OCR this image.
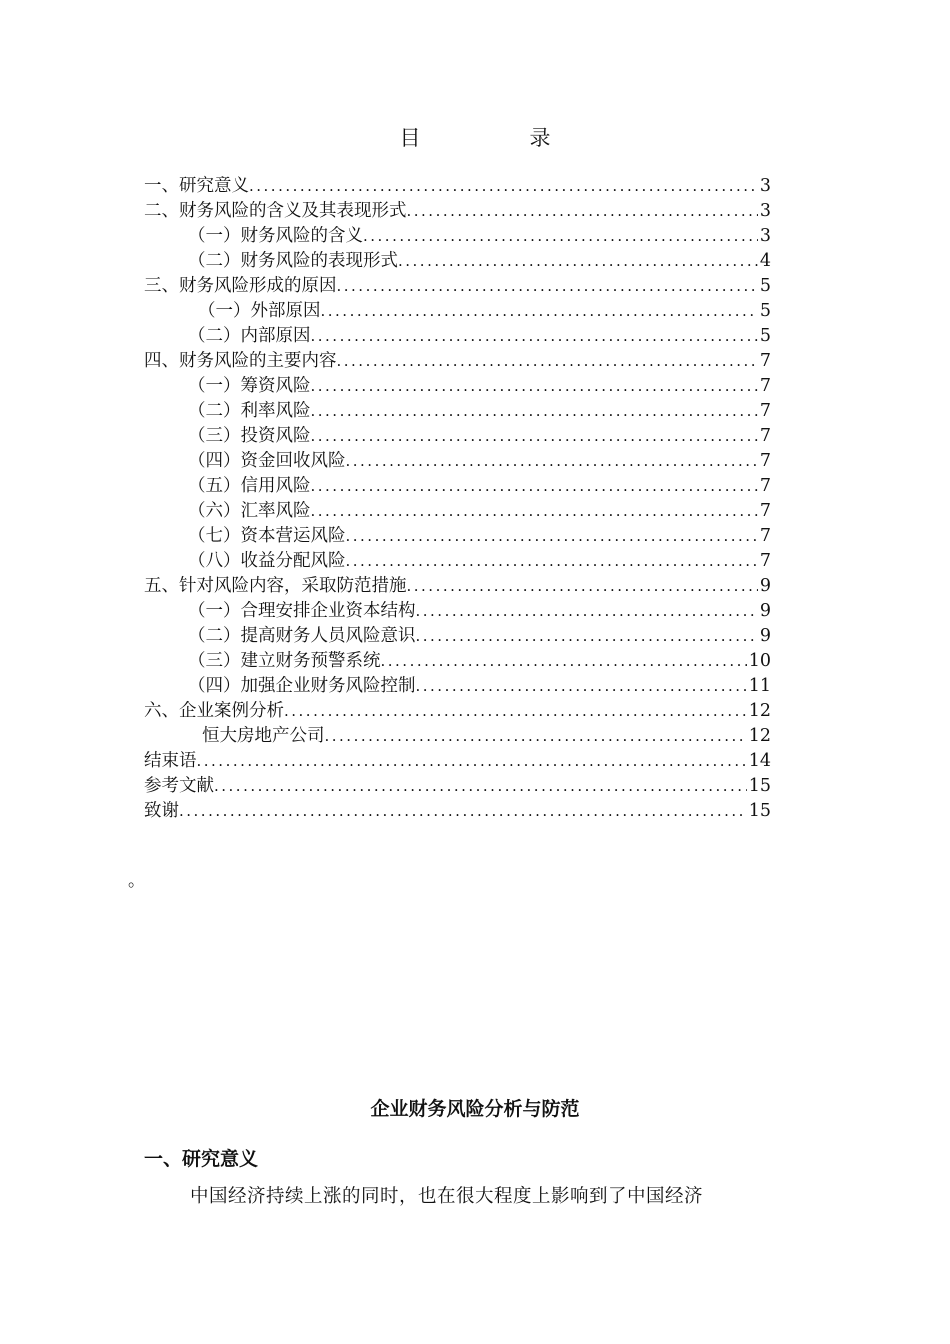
目　录
一、研究意义 .....	3
二、财务风险的含义及其表现形式 .....	3
（一）财务风险的含义 .....	3
（二）财务风险的表现形式 .....	4
三、财务风险形成的原因 .....	5
（一）外部原因 .....	5
（二）内部原因 .....	5
四、财务风险的主要内容 .....	7
（一）筹资风险 .....	7
（二）利率风险 .....	7
（三）投资风险 .....	7
（四）资金回收风险 .....	7
（五）信用风险 .....	7
（六）汇率风险 .....	7
（七）资本营运风险 .....	7
（八）收益分配风险 .....	7
五、针对风险内容，采取防范措施 .....	9
（一）合理安排企业资本结构 .....	9
（二）提高财务人员风险意识 .....	9
（三）建立财务预警系统 .....	10
（四）加强企业财务风险控制 .....	11
六、企业案例分析 .....	12
恒大房地产公司 .....	12
结束语 .....	14
参考文献 .....	15
致谢 .....	15
。
企业财务风险分析与防范
一、研究意义
中国经济持续上涨的同时，也在很大程度上影响到了中国经济
